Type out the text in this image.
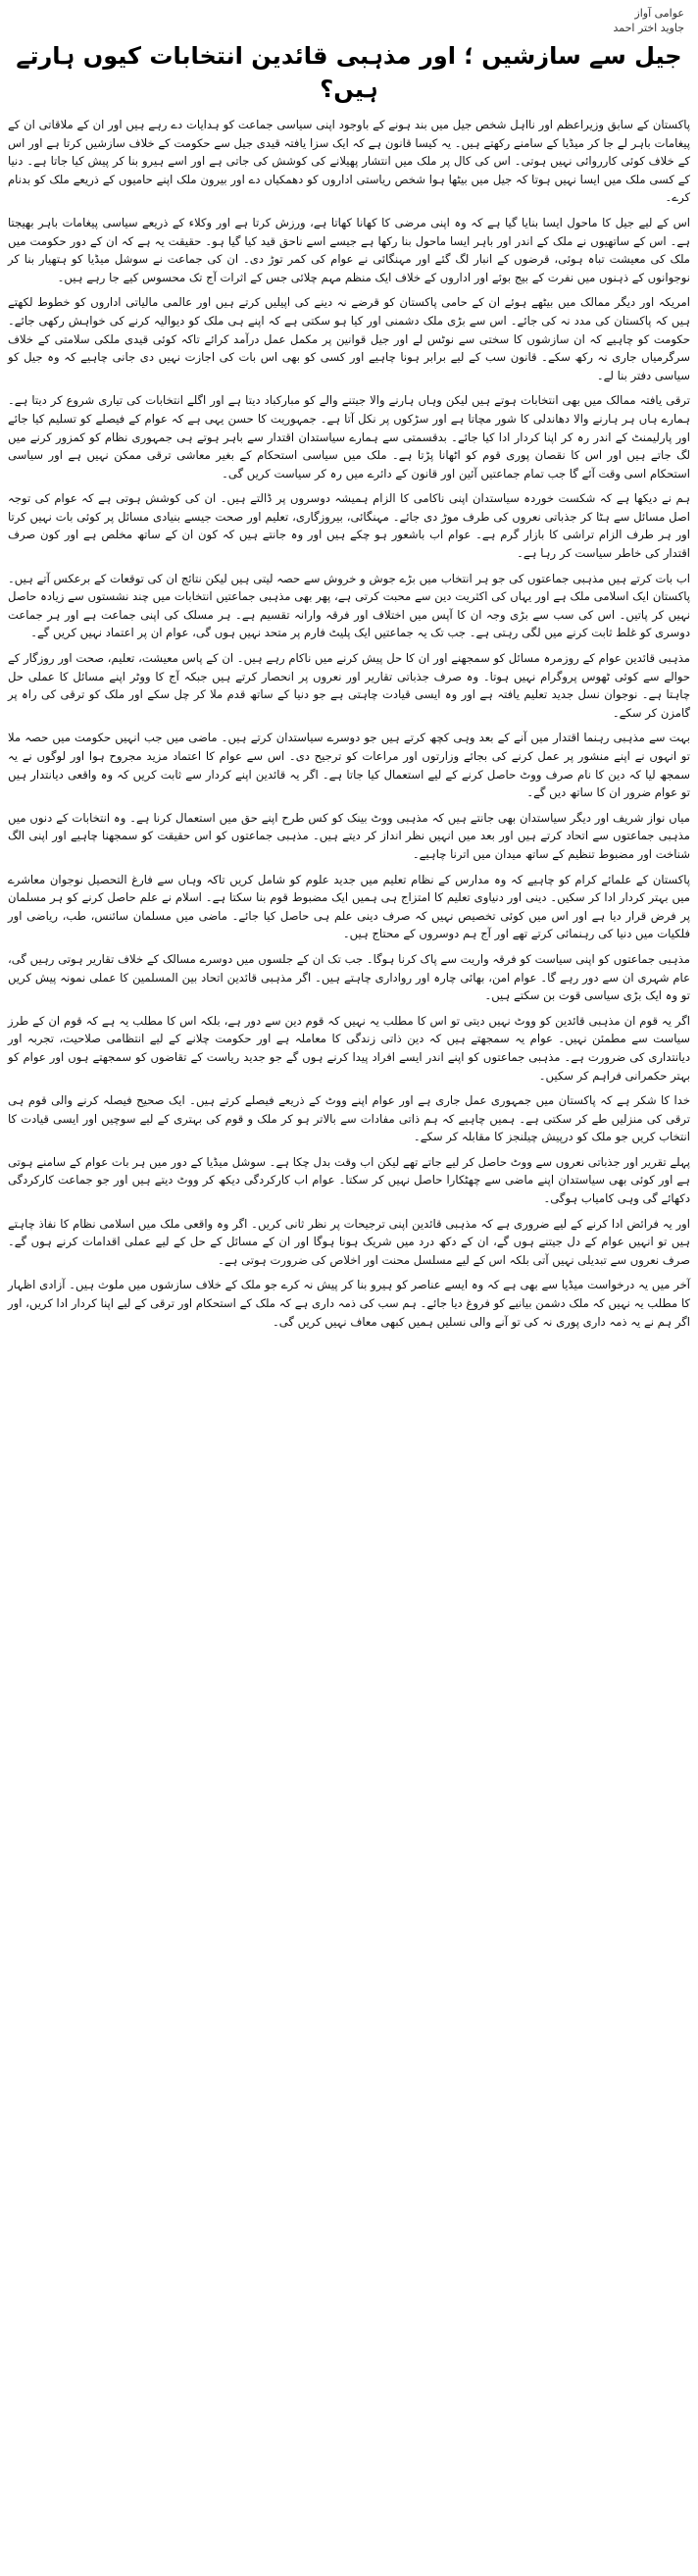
عوامی آواز
جاوید اختر احمد
جیل سے سازشیں ؛ اور مذہبی قائدین انتخابات کیوں ہارتے ہیں؟

پاکستان کے سابق وزیراعظم اور نااہل شخص جیل میں بند ہونے کے باوجود اپنی سیاسی جماعت کو ہدایات دے رہے ہیں اور ان کے ملاقاتی ان کے پیغامات باہر لے جا کر میڈیا کے سامنے رکھتے ہیں۔ یہ کیسا قانون ہے کہ ایک سزا یافتہ قیدی جیل سے حکومت کے خلاف سازشیں کرتا ہے اور اس کے خلاف کوئی کارروائی نہیں ہوتی۔ اس کی کال پر ملک میں انتشار پھیلانے کی کوشش کی جاتی ہے اور اسے ہیرو بنا کر پیش کیا جاتا ہے۔ دنیا کے کسی ملک میں ایسا نہیں ہوتا کہ جیل میں بیٹھا ہوا شخص ریاستی اداروں کو دھمکیاں دے اور بیرون ملک اپنے حامیوں کے ذریعے ملک کو بدنام کرے۔

اس کے لیے جیل کا ماحول ایسا بنایا گیا ہے کہ وہ اپنی مرضی کا کھانا کھاتا ہے، ورزش کرتا ہے اور وکلاء کے ذریعے سیاسی پیغامات باہر بھیجتا ہے۔ اس کے ساتھیوں نے ملک کے اندر اور باہر ایسا ماحول بنا رکھا ہے جیسے اسے ناحق قید کیا گیا ہو۔ حقیقت یہ ہے کہ ان کے دور حکومت میں ملک کی معیشت تباہ ہوئی، قرضوں کے انبار لگ گئے اور مہنگائی نے عوام کی کمر توڑ دی۔ ان کی جماعت نے سوشل میڈیا کو ہتھیار بنا کر نوجوانوں کے ذہنوں میں نفرت کے بیج بوئے اور اداروں کے خلاف ایک منظم مہم چلائی جس کے اثرات آج تک محسوس کیے جا رہے ہیں۔

امریکہ اور دیگر ممالک میں بیٹھے ہوئے ان کے حامی پاکستان کو قرضے نہ دینے کی اپیلیں کرتے ہیں اور عالمی مالیاتی اداروں کو خطوط لکھتے ہیں کہ پاکستان کی مدد نہ کی جائے۔ اس سے بڑی ملک دشمنی اور کیا ہو سکتی ہے کہ اپنے ہی ملک کو دیوالیہ کرنے کی خواہش رکھی جائے۔ حکومت کو چاہیے کہ ان سازشوں کا سختی سے نوٹس لے اور جیل قوانین پر مکمل عمل درآمد کرائے تاکہ کوئی قیدی ملکی سلامتی کے خلاف سرگرمیاں جاری نہ رکھ سکے۔ قانون سب کے لیے برابر ہونا چاہیے اور کسی کو بھی اس بات کی اجازت نہیں دی جانی چاہیے کہ وہ جیل کو سیاسی دفتر بنا لے۔

ترقی یافتہ ممالک میں بھی انتخابات ہوتے ہیں لیکن وہاں ہارنے والا جیتنے والے کو مبارکباد دیتا ہے اور اگلے انتخابات کی تیاری شروع کر دیتا ہے۔ ہمارے ہاں ہر ہارنے والا دھاندلی کا شور مچاتا ہے اور سڑکوں پر نکل آتا ہے۔ جمہوریت کا حسن یہی ہے کہ عوام کے فیصلے کو تسلیم کیا جائے اور پارلیمنٹ کے اندر رہ کر اپنا کردار ادا کیا جائے۔ بدقسمتی سے ہمارے سیاستدان اقتدار سے باہر ہوتے ہی جمہوری نظام کو کمزور کرنے میں لگ جاتے ہیں اور اس کا نقصان پوری قوم کو اٹھانا پڑتا ہے۔ ملک میں سیاسی استحکام کے بغیر معاشی ترقی ممکن نہیں ہے اور سیاسی استحکام اسی وقت آئے گا جب تمام جماعتیں آئین اور قانون کے دائرے میں رہ کر سیاست کریں گی۔

ہم نے دیکھا ہے کہ شکست خوردہ سیاستدان اپنی ناکامی کا الزام ہمیشہ دوسروں پر ڈالتے ہیں۔ ان کی کوشش ہوتی ہے کہ عوام کی توجہ اصل مسائل سے ہٹا کر جذباتی نعروں کی طرف موڑ دی جائے۔ مہنگائی، بیروزگاری، تعلیم اور صحت جیسے بنیادی مسائل پر کوئی بات نہیں کرتا اور ہر طرف الزام تراشی کا بازار گرم ہے۔ عوام اب باشعور ہو چکے ہیں اور وہ جانتے ہیں کہ کون ان کے ساتھ مخلص ہے اور کون صرف اقتدار کی خاطر سیاست کر رہا ہے۔

اب بات کرتے ہیں مذہبی جماعتوں کی جو ہر انتخاب میں بڑے جوش و خروش سے حصہ لیتی ہیں لیکن نتائج ان کی توقعات کے برعکس آتے ہیں۔ پاکستان ایک اسلامی ملک ہے اور یہاں کی اکثریت دین سے محبت کرتی ہے، پھر بھی مذہبی جماعتیں انتخابات میں چند نشستوں سے زیادہ حاصل نہیں کر پاتیں۔ اس کی سب سے بڑی وجہ ان کا آپس میں اختلاف اور فرقہ وارانہ تقسیم ہے۔ ہر مسلک کی اپنی جماعت ہے اور ہر جماعت دوسری کو غلط ثابت کرنے میں لگی رہتی ہے۔ جب تک یہ جماعتیں ایک پلیٹ فارم پر متحد نہیں ہوں گی، عوام ان پر اعتماد نہیں کریں گے۔

مذہبی قائدین عوام کے روزمرہ مسائل کو سمجھنے اور ان کا حل پیش کرنے میں ناکام رہے ہیں۔ ان کے پاس معیشت، تعلیم، صحت اور روزگار کے حوالے سے کوئی ٹھوس پروگرام نہیں ہوتا۔ وہ صرف جذباتی تقاریر اور نعروں پر انحصار کرتے ہیں جبکہ آج کا ووٹر اپنے مسائل کا عملی حل چاہتا ہے۔ نوجوان نسل جدید تعلیم یافتہ ہے اور وہ ایسی قیادت چاہتی ہے جو دنیا کے ساتھ قدم ملا کر چل سکے اور ملک کو ترقی کی راہ پر گامزن کر سکے۔

بہت سے مذہبی رہنما اقتدار میں آنے کے بعد وہی کچھ کرتے ہیں جو دوسرے سیاستدان کرتے ہیں۔ ماضی میں جب انہیں حکومت میں حصہ ملا تو انہوں نے اپنے منشور پر عمل کرنے کی بجائے وزارتوں اور مراعات کو ترجیح دی۔ اس سے عوام کا اعتماد مزید مجروح ہوا اور لوگوں نے یہ سمجھ لیا کہ دین کا نام صرف ووٹ حاصل کرنے کے لیے استعمال کیا جاتا ہے۔ اگر یہ قائدین اپنے کردار سے ثابت کریں کہ وہ واقعی دیانتدار ہیں تو عوام ضرور ان کا ساتھ دیں گے۔

میاں نواز شریف اور دیگر سیاستدان بھی جانتے ہیں کہ مذہبی ووٹ بینک کو کس طرح اپنے حق میں استعمال کرنا ہے۔ وہ انتخابات کے دنوں میں مذہبی جماعتوں سے اتحاد کرتے ہیں اور بعد میں انہیں نظر انداز کر دیتے ہیں۔ مذہبی جماعتوں کو اس حقیقت کو سمجھنا چاہیے اور اپنی الگ شناخت اور مضبوط تنظیم کے ساتھ میدان میں اترنا چاہیے۔

پاکستان کے علمائے کرام کو چاہیے کہ وہ مدارس کے نظام تعلیم میں جدید علوم کو شامل کریں تاکہ وہاں سے فارغ التحصیل نوجوان معاشرے میں بہتر کردار ادا کر سکیں۔ دینی اور دنیاوی تعلیم کا امتزاج ہی ہمیں ایک مضبوط قوم بنا سکتا ہے۔ اسلام نے علم حاصل کرنے کو ہر مسلمان پر فرض قرار دیا ہے اور اس میں کوئی تخصیص نہیں کہ صرف دینی علم ہی حاصل کیا جائے۔ ماضی میں مسلمان سائنس، طب، ریاضی اور فلکیات میں دنیا کی رہنمائی کرتے تھے اور آج ہم دوسروں کے محتاج ہیں۔

مذہبی جماعتوں کو اپنی سیاست کو فرقہ واریت سے پاک کرنا ہوگا۔ جب تک ان کے جلسوں میں دوسرے مسالک کے خلاف تقاریر ہوتی رہیں گی، عام شہری ان سے دور رہے گا۔ عوام امن، بھائی چارہ اور رواداری چاہتے ہیں۔ اگر مذہبی قائدین اتحاد بین المسلمین کا عملی نمونہ پیش کریں تو وہ ایک بڑی سیاسی قوت بن سکتے ہیں۔

اگر یہ قوم ان مذہبی قائدین کو ووٹ نہیں دیتی تو اس کا مطلب یہ نہیں کہ قوم دین سے دور ہے، بلکہ اس کا مطلب یہ ہے کہ قوم ان کے طرز سیاست سے مطمئن نہیں۔ عوام یہ سمجھتے ہیں کہ دین ذاتی زندگی کا معاملہ ہے اور حکومت چلانے کے لیے انتظامی صلاحیت، تجربہ اور دیانتداری کی ضرورت ہے۔ مذہبی جماعتوں کو اپنے اندر ایسے افراد پیدا کرنے ہوں گے جو جدید ریاست کے تقاضوں کو سمجھتے ہوں اور عوام کو بہتر حکمرانی فراہم کر سکیں۔

خدا کا شکر ہے کہ پاکستان میں جمہوری عمل جاری ہے اور عوام اپنے ووٹ کے ذریعے فیصلے کرتے ہیں۔ ایک صحیح فیصلہ کرنے والی قوم ہی ترقی کی منزلیں طے کر سکتی ہے۔ ہمیں چاہیے کہ ہم ذاتی مفادات سے بالاتر ہو کر ملک و قوم کی بہتری کے لیے سوچیں اور ایسی قیادت کا انتخاب کریں جو ملک کو درپیش چیلنجز کا مقابلہ کر سکے۔

پہلے تقریر اور جذباتی نعروں سے ووٹ حاصل کر لیے جاتے تھے لیکن اب وقت بدل چکا ہے۔ سوشل میڈیا کے دور میں ہر بات عوام کے سامنے ہوتی ہے اور کوئی بھی سیاستدان اپنے ماضی سے چھٹکارا حاصل نہیں کر سکتا۔ عوام اب کارکردگی دیکھ کر ووٹ دیتے ہیں اور جو جماعت کارکردگی دکھائے گی وہی کامیاب ہوگی۔

اور یہ فرائض ادا کرنے کے لیے ضروری ہے کہ مذہبی قائدین اپنی ترجیحات پر نظر ثانی کریں۔ اگر وہ واقعی ملک میں اسلامی نظام کا نفاذ چاہتے ہیں تو انہیں عوام کے دل جیتنے ہوں گے، ان کے دکھ درد میں شریک ہونا ہوگا اور ان کے مسائل کے حل کے لیے عملی اقدامات کرنے ہوں گے۔ صرف نعروں سے تبدیلی نہیں آتی بلکہ اس کے لیے مسلسل محنت اور اخلاص کی ضرورت ہوتی ہے۔

آخر میں یہ درخواست میڈیا سے بھی ہے کہ وہ ایسے عناصر کو ہیرو بنا کر پیش نہ کرے جو ملک کے خلاف سازشوں میں ملوث ہیں۔ آزادی اظہار کا مطلب یہ نہیں کہ ملک دشمن بیانیے کو فروغ دیا جائے۔ ہم سب کی ذمہ داری ہے کہ ملک کے استحکام اور ترقی کے لیے اپنا کردار ادا کریں، اور اگر ہم نے یہ ذمہ داری پوری نہ کی تو آنے والی نسلیں ہمیں کبھی معاف نہیں کریں گی۔
